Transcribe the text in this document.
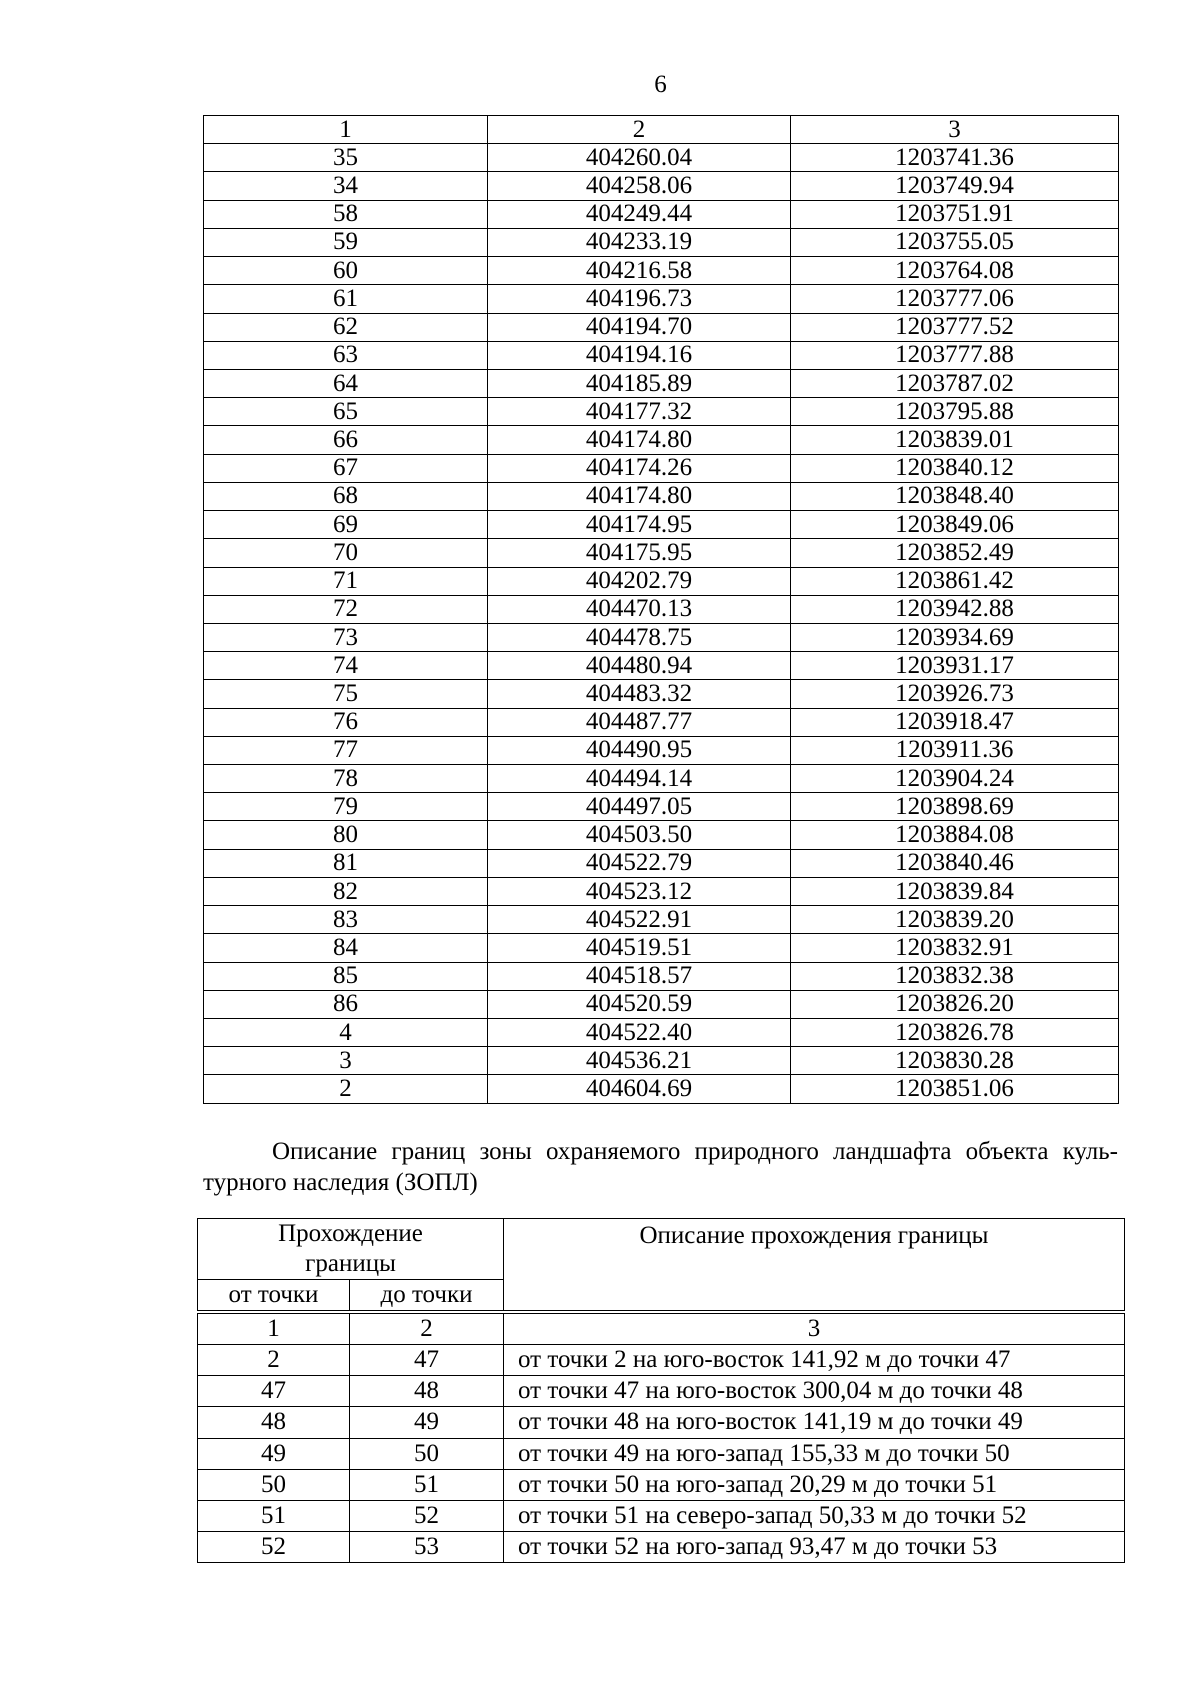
6
1	2	3
35	404260.04	1203741.36
34	404258.06	1203749.94
58	404249.44	1203751.91
59	404233.19	1203755.05
60	404216.58	1203764.08
61	404196.73	1203777.06
62	404194.70	1203777.52
63	404194.16	1203777.88
64	404185.89	1203787.02
65	404177.32	1203795.88
66	404174.80	1203839.01
67	404174.26	1203840.12
68	404174.80	1203848.40
69	404174.95	1203849.06
70	404175.95	1203852.49
71	404202.79	1203861.42
72	404470.13	1203942.88
73	404478.75	1203934.69
74	404480.94	1203931.17
75	404483.32	1203926.73
76	404487.77	1203918.47
77	404490.95	1203911.36
78	404494.14	1203904.24
79	404497.05	1203898.69
80	404503.50	1203884.08
81	404522.79	1203840.46
82	404523.12	1203839.84
83	404522.91	1203839.20
84	404519.51	1203832.91
85	404518.57	1203832.38
86	404520.59	1203826.20
4	404522.40	1203826.78
3	404536.21	1203830.28
2	404604.69	1203851.06
Описание границ зоны охраняемого природного ландшафта объекта куль-
турного наследия (ЗОПЛ)
Прохождение границы		Описание прохождения границы
от точки	до точки	
1	2	3
2	47	от точки 2 на юго-восток 141,92 м до точки 47
47	48	от точки 47 на юго-восток 300,04 м до точки 48
48	49	от точки 48 на юго-восток 141,19 м до точки 49
49	50	от точки 49 на юго-запад 155,33 м до точки 50
50	51	от точки 50 на юго-запад 20,29 м до точки 51
51	52	от точки 51 на северо-запад 50,33 м до точки 52
52	53	от точки 52 на юго-запад 93,47 м до точки 53
